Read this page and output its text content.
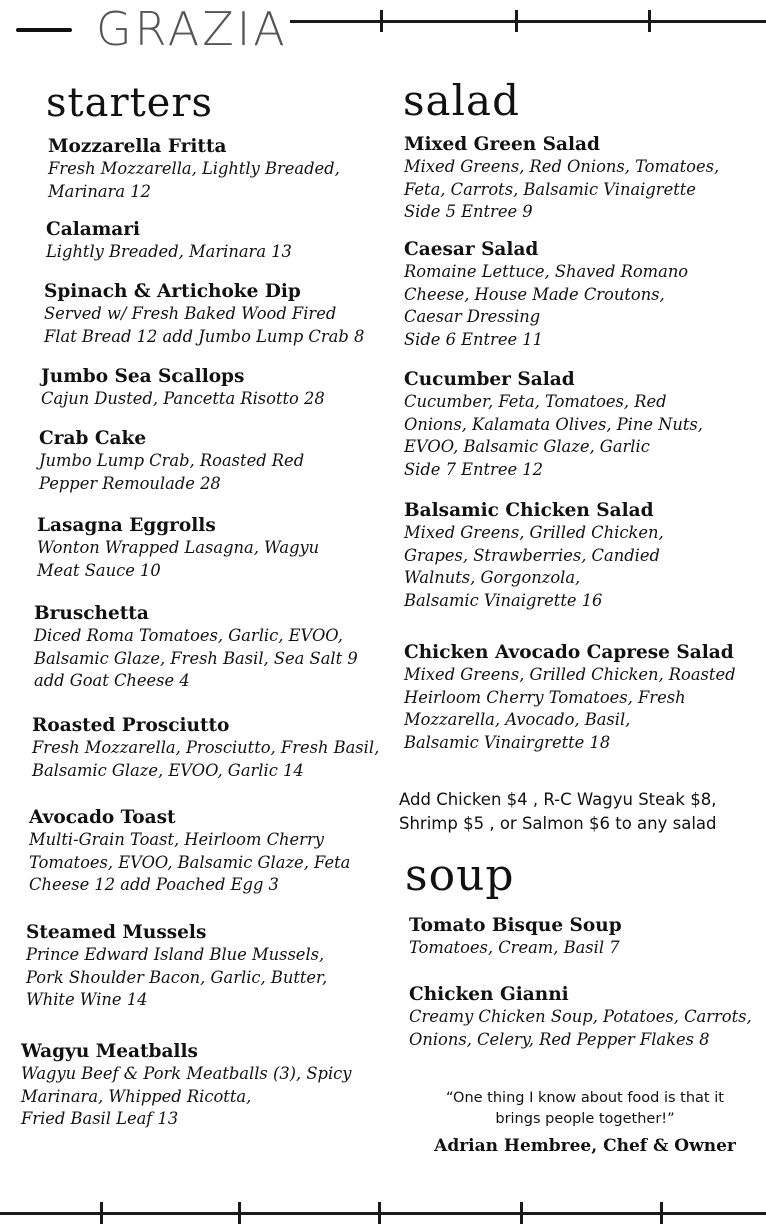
GRAZIA
starters
Mozzarella Fritta
Fresh Mozzarella, Lightly Breaded,
Marinara 12
Calamari
Lightly Breaded, Marinara 13
Spinach & Artichoke Dip
Served w/ Fresh Baked Wood Fired
Flat Bread 12 add Jumbo Lump Crab 8
Jumbo Sea Scallops
Cajun Dusted, Pancetta Risotto 28
Crab Cake
Jumbo Lump Crab, Roasted Red
Pepper Remoulade 28
Lasagna Eggrolls
Wonton Wrapped Lasagna, Wagyu
Meat Sauce 10
Bruschetta
Diced Roma Tomatoes, Garlic, EVOO,
Balsamic Glaze, Fresh Basil, Sea Salt 9
add Goat Cheese 4
Roasted Prosciutto
Fresh Mozzarella, Prosciutto, Fresh Basil,
Balsamic Glaze, EVOO, Garlic 14
Avocado Toast
Multi-Grain Toast, Heirloom Cherry
Tomatoes, EVOO, Balsamic Glaze, Feta
Cheese 12 add Poached Egg 3
Steamed Mussels
Prince Edward Island Blue Mussels,
Pork Shoulder Bacon, Garlic, Butter,
White Wine 14
Wagyu Meatballs
Wagyu Beef & Pork Meatballs (3), Spicy
Marinara, Whipped Ricotta,
Fried Basil Leaf 13
salad
Mixed Green Salad
Mixed Greens, Red Onions, Tomatoes,
Feta, Carrots, Balsamic Vinaigrette
Side 5 Entree 9
Caesar Salad
Romaine Lettuce, Shaved Romano
Cheese, House Made Croutons,
Caesar Dressing
Side 6 Entree 11
Cucumber Salad
Cucumber, Feta, Tomatoes, Red
Onions, Kalamata Olives, Pine Nuts,
EVOO, Balsamic Glaze, Garlic
Side 7 Entree 12
Balsamic Chicken Salad
Mixed Greens, Grilled Chicken,
Grapes, Strawberries, Candied
Walnuts, Gorgonzola,
Balsamic Vinaigrette 16
Chicken Avocado Caprese Salad
Mixed Greens, Grilled Chicken, Roasted
Heirloom Cherry Tomatoes, Fresh
Mozzarella, Avocado, Basil,
Balsamic Vinairgrette 18
Add Chicken $4 , R-C Wagyu Steak $8,
Shrimp $5 , or Salmon $6 to any salad
soup
Tomato Bisque Soup
Tomatoes, Cream, Basil 7
Chicken Gianni
Creamy Chicken Soup, Potatoes, Carrots,
Onions, Celery, Red Pepper Flakes 8
“One thing I know about food is that it
brings people together!”
Adrian Hembree, Chef & Owner
